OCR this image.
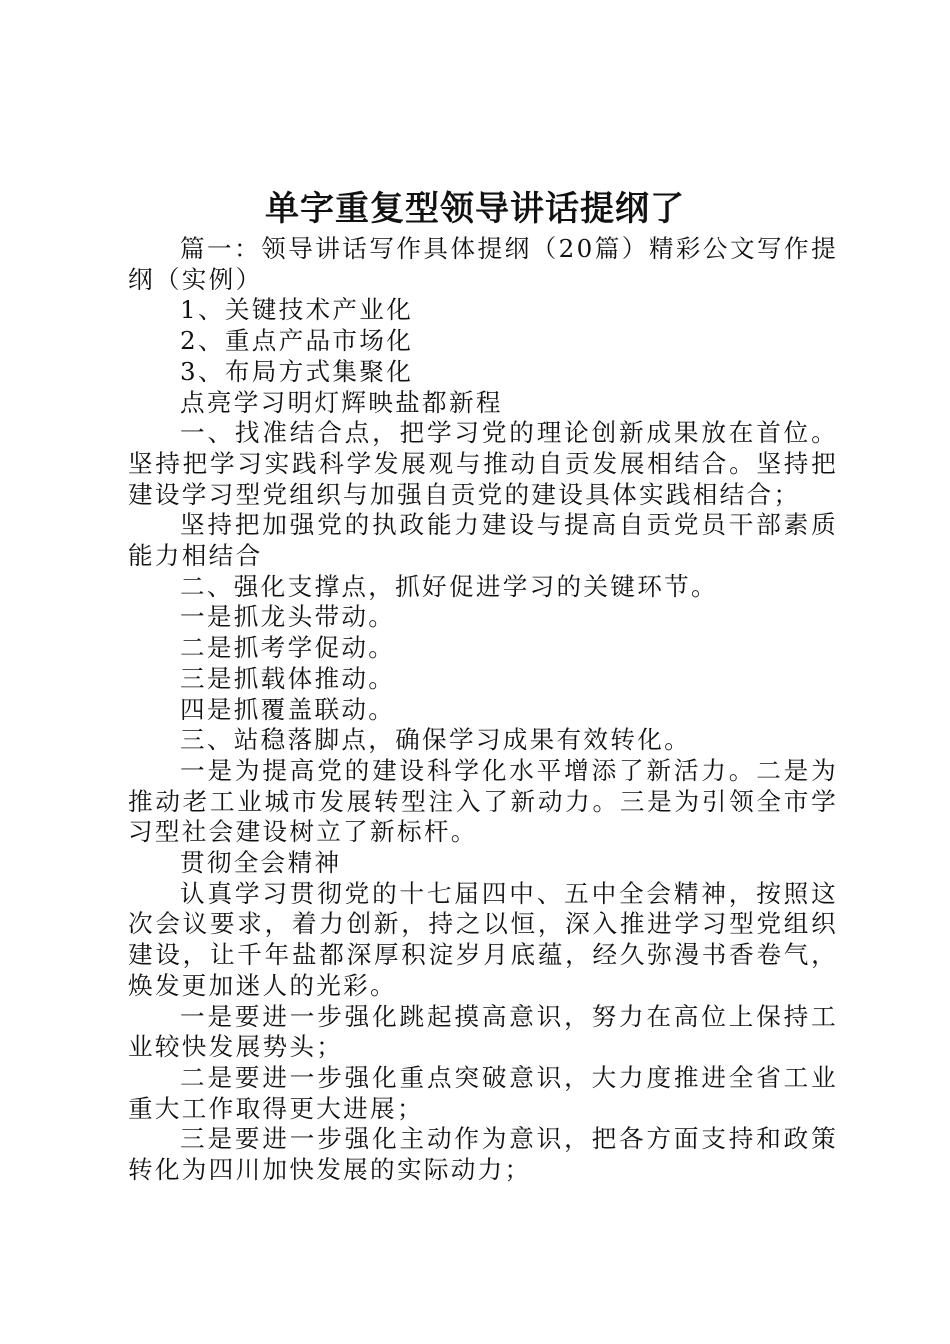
单字重复型领导讲话提纲了

篇一：领导讲话写作具体提纲（20篇）精彩公文写作提纲（实例）

1、关键技术产业化

2、重点产品市场化

3、布局方式集聚化

点亮学习明灯辉映盐都新程

一、找准结合点，把学习党的理论创新成果放在首位。坚持把学习实践科学发展观与推动自贡发展相结合。坚持把建设学习型党组织与加强自贡党的建设具体实践相结合；

坚持把加强党的执政能力建设与提高自贡党员干部素质能力相结合

二、强化支撑点，抓好促进学习的关键环节。

一是抓龙头带动。

二是抓考学促动。

三是抓载体推动。

四是抓覆盖联动。

三、站稳落脚点，确保学习成果有效转化。

一是为提高党的建设科学化水平增添了新活力。二是为推动老工业城市发展转型注入了新动力。三是为引领全市学习型社会建设树立了新标杆。

贯彻全会精神

认真学习贯彻党的十七届四中、五中全会精神，按照这次会议要求，着力创新，持之以恒，深入推进学习型党组织建设，让千年盐都深厚积淀岁月底蕴，经久弥漫书香卷气，焕发更加迷人的光彩。

一是要进一步强化跳起摸高意识，努力在高位上保持工业较快发展势头；

二是要进一步强化重点突破意识，大力度推进全省工业重大工作取得更大进展；

三是要进一步强化主动作为意识，把各方面支持和政策转化为四川加快发展的实际动力；
